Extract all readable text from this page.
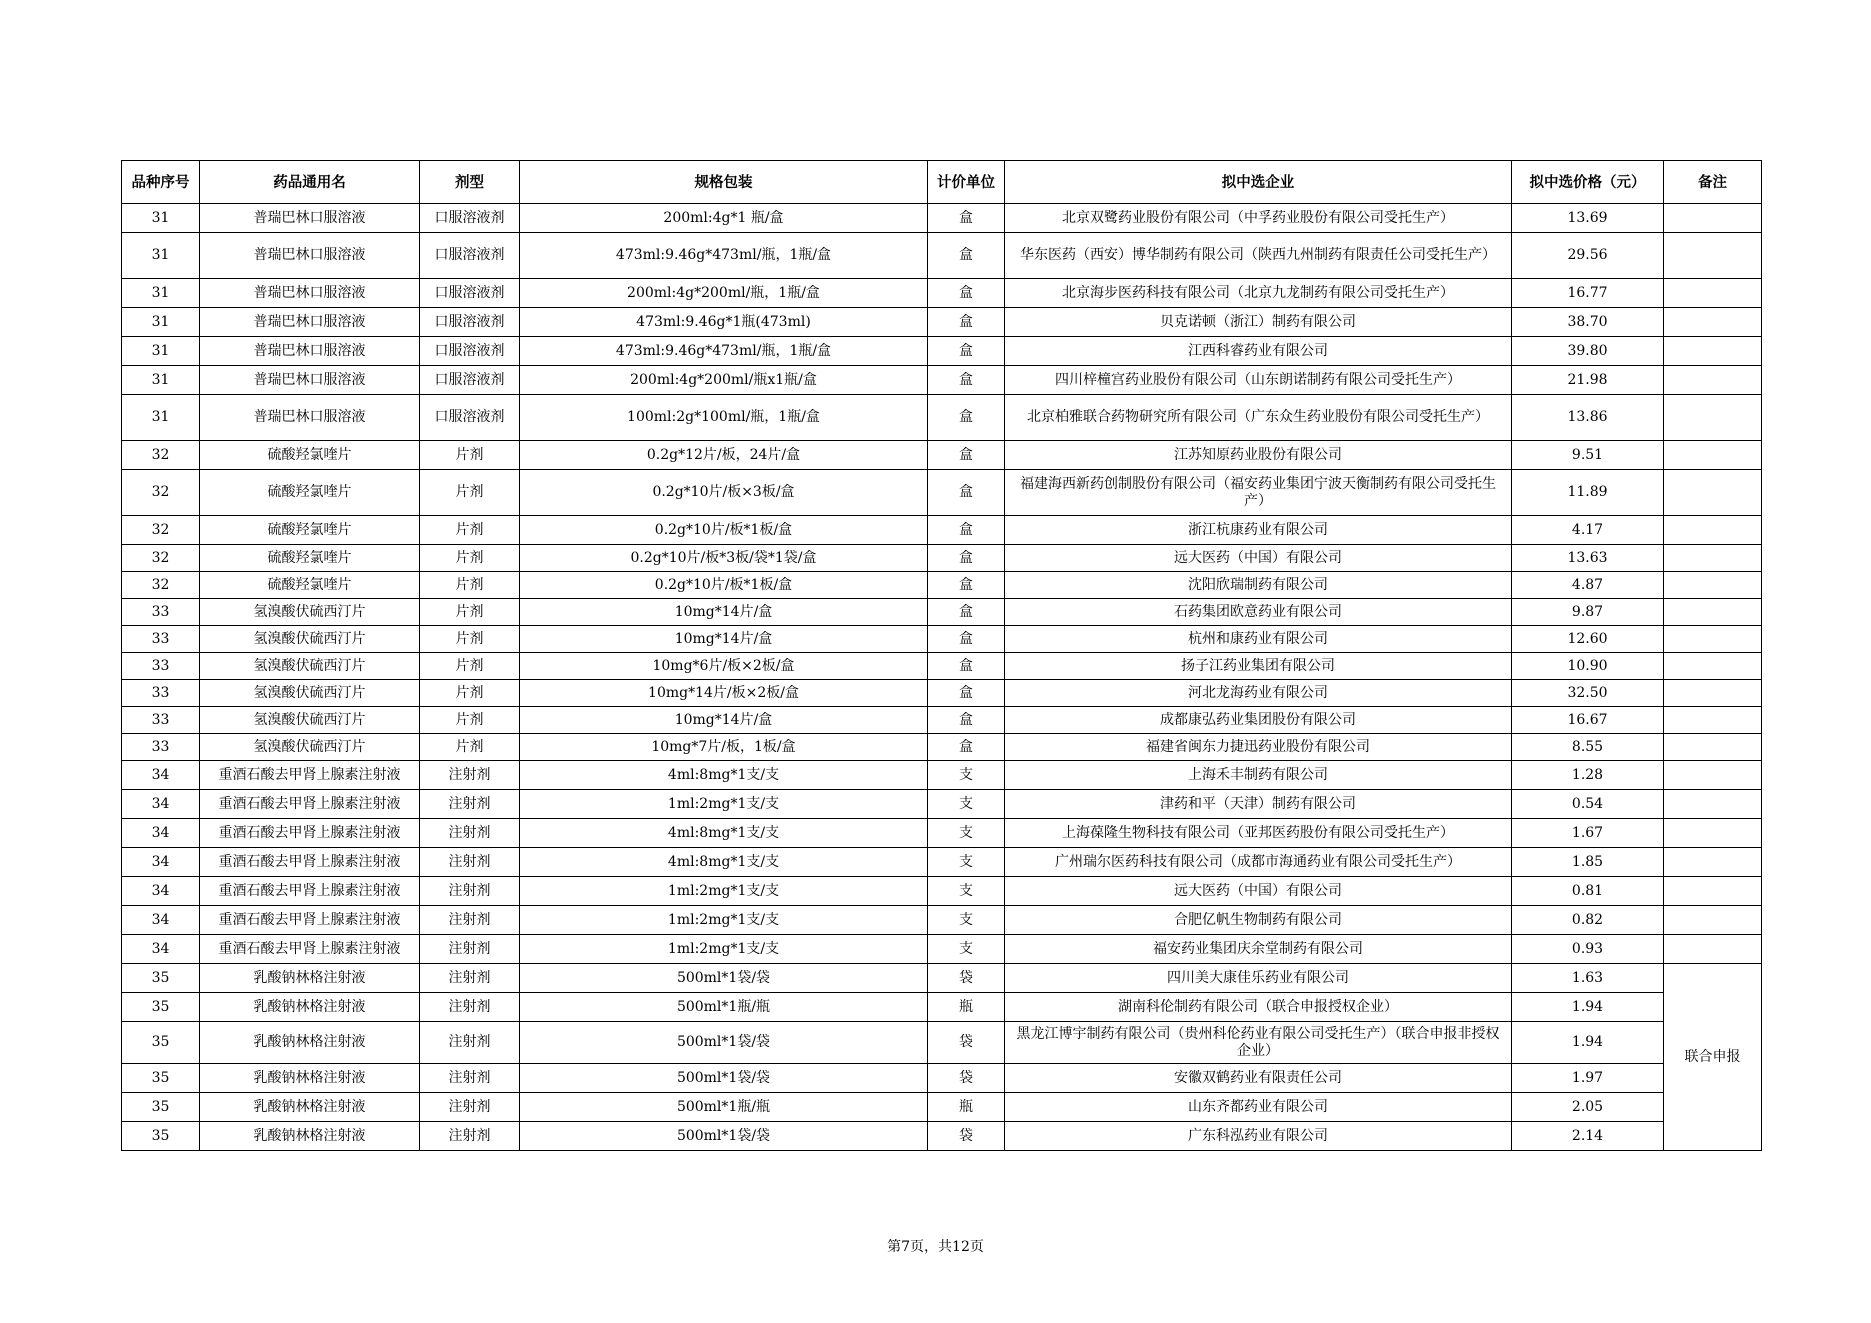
品种序号	药品通用名	剂型	规格包装	计价单位	拟中选企业	拟中选价格（元）	备注
31	普瑞巴林口服溶液	口服溶液剂	200ml:4g*1 瓶/盒	盒	北京双鹭药业股份有限公司（中孚药业股份有限公司受托生产）	13.69	
31	普瑞巴林口服溶液	口服溶液剂	473ml:9.46g*473ml/瓶，1瓶/盒	盒	华东医药（西安）博华制药有限公司（陕西九州制药有限责任公司受托生产）	29.56	
31	普瑞巴林口服溶液	口服溶液剂	200ml:4g*200ml/瓶，1瓶/盒	盒	北京海步医药科技有限公司（北京九龙制药有限公司受托生产）	16.77	
31	普瑞巴林口服溶液	口服溶液剂	473ml:9.46g*1瓶(473ml)	盒	贝克诺顿（浙江）制药有限公司	38.70	
31	普瑞巴林口服溶液	口服溶液剂	473ml:9.46g*473ml/瓶，1瓶/盒	盒	江西科睿药业有限公司	39.80	
31	普瑞巴林口服溶液	口服溶液剂	200ml:4g*200ml/瓶x1瓶/盒	盒	四川梓橦宫药业股份有限公司（山东朗诺制药有限公司受托生产）	21.98	
31	普瑞巴林口服溶液	口服溶液剂	100ml:2g*100ml/瓶，1瓶/盒	盒	北京柏雅联合药物研究所有限公司（广东众生药业股份有限公司受托生产）	13.86	
32	硫酸羟氯喹片	片剂	0.2g*12片/板，24片/盒	盒	江苏知原药业股份有限公司	9.51	
32	硫酸羟氯喹片	片剂	0.2g*10片/板×3板/盒	盒	福建海西新药创制股份有限公司（福安药业集团宁波天衡制药有限公司受托生产）	11.89	
32	硫酸羟氯喹片	片剂	0.2g*10片/板*1板/盒	盒	浙江杭康药业有限公司	4.17	
32	硫酸羟氯喹片	片剂	0.2g*10片/板*3板/袋*1袋/盒	盒	远大医药（中国）有限公司	13.63	
32	硫酸羟氯喹片	片剂	0.2g*10片/板*1板/盒	盒	沈阳欣瑞制药有限公司	4.87	
33	氢溴酸伏硫西汀片	片剂	10mg*14片/盒	盒	石药集团欧意药业有限公司	9.87	
33	氢溴酸伏硫西汀片	片剂	10mg*14片/盒	盒	杭州和康药业有限公司	12.60	
33	氢溴酸伏硫西汀片	片剂	10mg*6片/板×2板/盒	盒	扬子江药业集团有限公司	10.90	
33	氢溴酸伏硫西汀片	片剂	10mg*14片/板×2板/盒	盒	河北龙海药业有限公司	32.50	
33	氢溴酸伏硫西汀片	片剂	10mg*14片/盒	盒	成都康弘药业集团股份有限公司	16.67	
33	氢溴酸伏硫西汀片	片剂	10mg*7片/板，1板/盒	盒	福建省闽东力捷迅药业股份有限公司	8.55	
34	重酒石酸去甲肾上腺素注射液	注射剂	4ml:8mg*1支/支	支	上海禾丰制药有限公司	1.28	
34	重酒石酸去甲肾上腺素注射液	注射剂	1ml:2mg*1支/支	支	津药和平（天津）制药有限公司	0.54	
34	重酒石酸去甲肾上腺素注射液	注射剂	4ml:8mg*1支/支	支	上海葆隆生物科技有限公司（亚邦医药股份有限公司受托生产）	1.67	
34	重酒石酸去甲肾上腺素注射液	注射剂	4ml:8mg*1支/支	支	广州瑞尔医药科技有限公司（成都市海通药业有限公司受托生产）	1.85	
34	重酒石酸去甲肾上腺素注射液	注射剂	1ml:2mg*1支/支	支	远大医药（中国）有限公司	0.81	
34	重酒石酸去甲肾上腺素注射液	注射剂	1ml:2mg*1支/支	支	合肥亿帆生物制药有限公司	0.82	
34	重酒石酸去甲肾上腺素注射液	注射剂	1ml:2mg*1支/支	支	福安药业集团庆余堂制药有限公司	0.93	
35	乳酸钠林格注射液	注射剂	500ml*1袋/袋	袋	四川美大康佳乐药业有限公司	1.63	联合申报
35	乳酸钠林格注射液	注射剂	500ml*1瓶/瓶	瓶	湖南科伦制药有限公司（联合申报授权企业）	1.94	
35	乳酸钠林格注射液	注射剂	500ml*1袋/袋	袋	黑龙江博宇制药有限公司（贵州科伦药业有限公司受托生产）（联合申报非授权企业）	1.94	
35	乳酸钠林格注射液	注射剂	500ml*1袋/袋	袋	安徽双鹤药业有限责任公司	1.97	
35	乳酸钠林格注射液	注射剂	500ml*1瓶/瓶	瓶	山东齐都药业有限公司	2.05	
35	乳酸钠林格注射液	注射剂	500ml*1袋/袋	袋	广东科泓药业有限公司	2.14	
第7页，共12页
